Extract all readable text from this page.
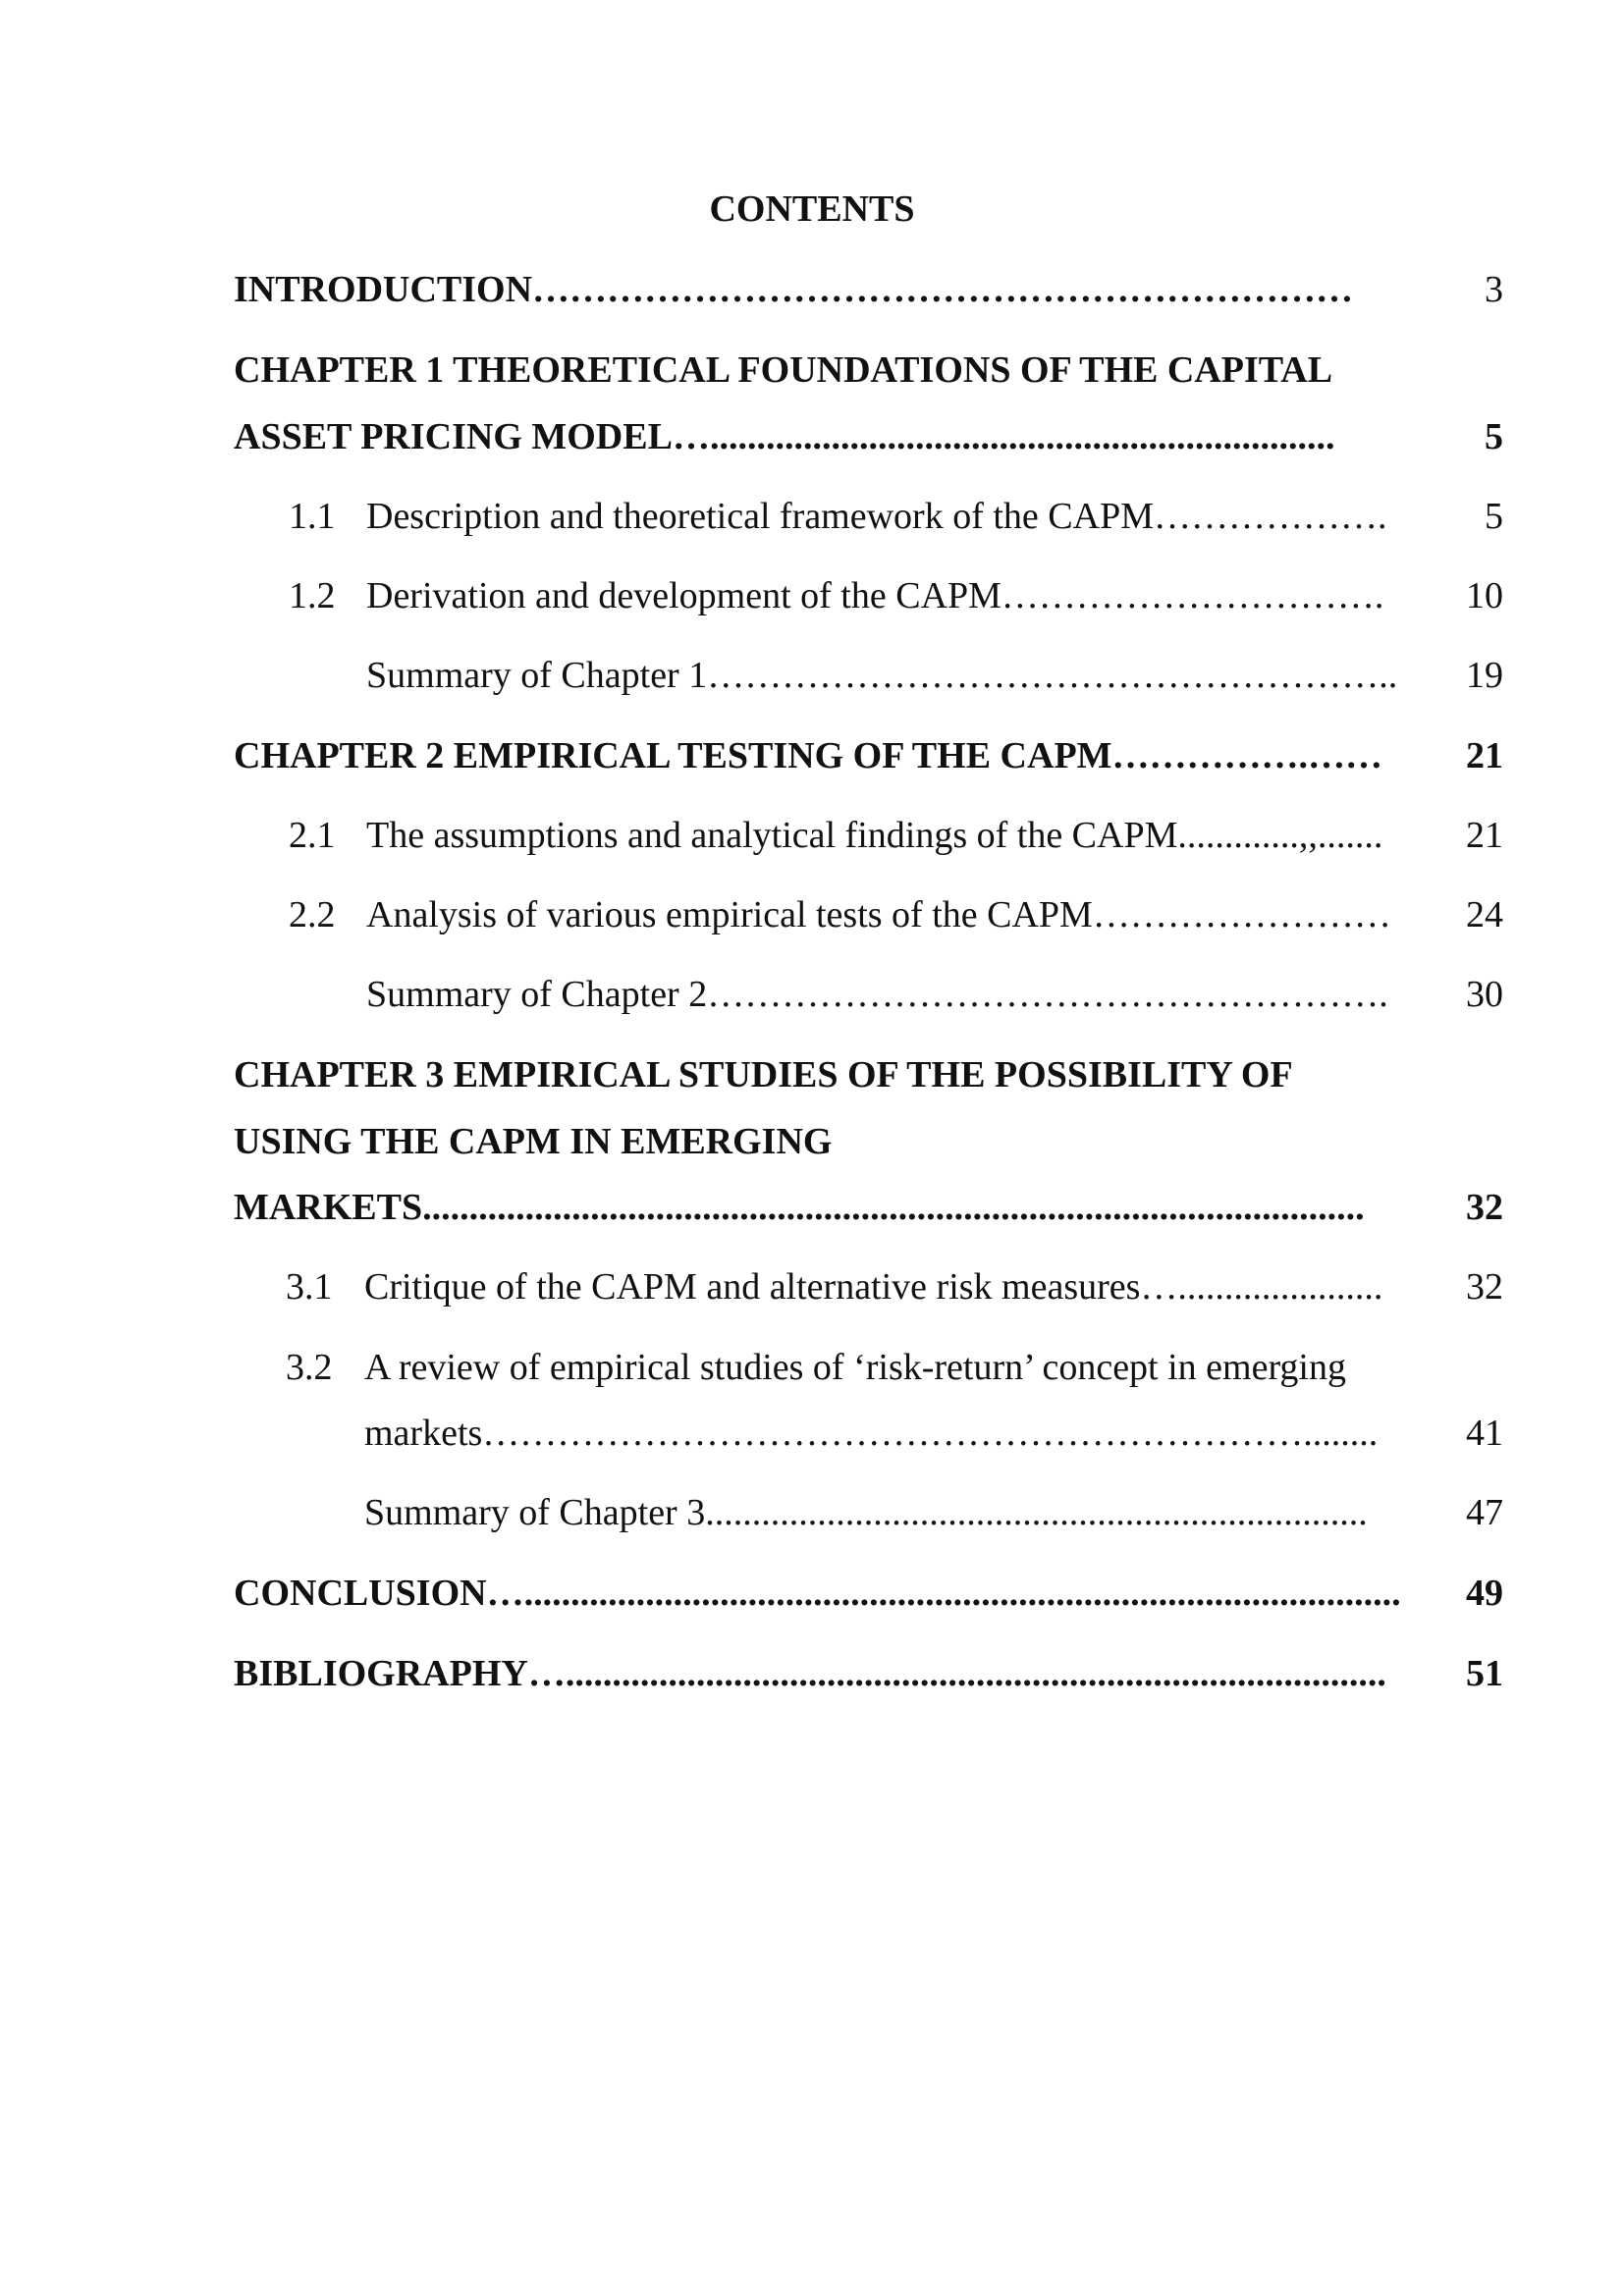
CONTENTS
INTRODUCTION…………………………………………………………	3
CHAPTER 1 THEORETICAL FOUNDATIONS OF THE CAPITAL
ASSET PRICING MODEL…...................................................................	5
1.1 Description and theoretical framework of the CAPM……………….	5
1.2 Derivation and development of the CAPM………………………….	10
Summary of Chapter 1………………………………………………..	19
CHAPTER 2 EMPIRICAL TESTING OF THE CAPM…………….……	21
2.1 The assumptions and analytical findings of the CAPM.............,,.......	21
2.2 Analysis of various empirical tests of the CAPM……………………	24
Summary of Chapter 2……………………………………………….	30
CHAPTER 3 EMPIRICAL STUDIES OF THE POSSIBILITY OF
USING THE CAPM IN EMERGING
MARKETS.....................................................................................................	32
3.1 Critique of the CAPM and alternative risk measures…......................	32
3.2 A review of empirical studies of ‘risk-return’ concept in emerging
markets…………………………………………………………........	41
Summary of Chapter 3.......................................................................	47
CONCLUSION…..............................................................................................	49
BIBLIOGRAPHY…........................................................................................	51
